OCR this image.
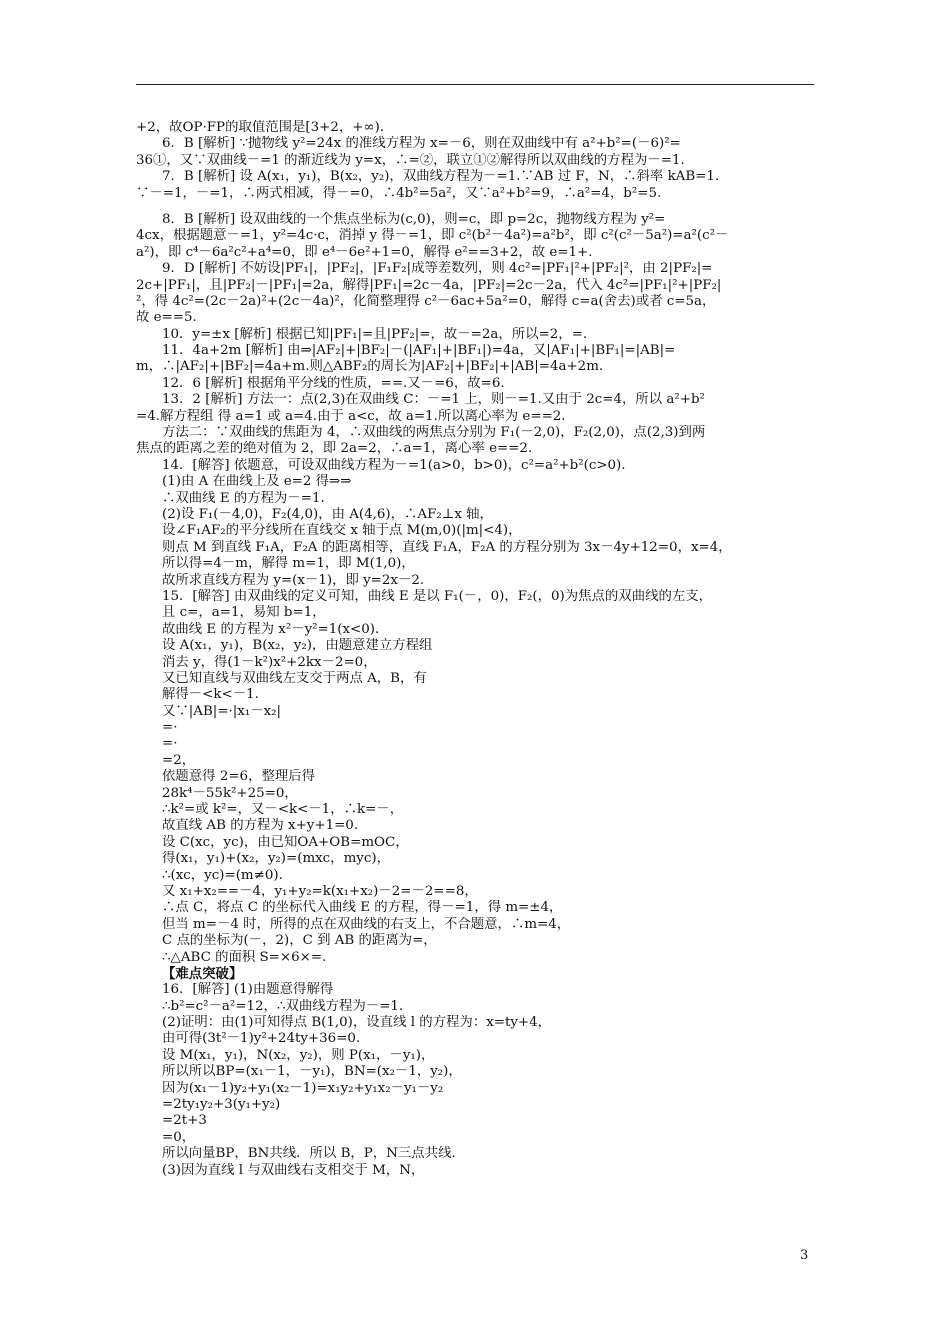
+2，故OP·FP的取值范围是[3+2，+∞)．
6．B [解析] ∵抛物线 y²=24x 的准线方程为 x=－6，则在双曲线中有 a²+b²=(－6)²=
36①，又∵双曲线－=1 的渐近线为 y=x，∴=②，联立①②解得所以双曲线的方程为－=1.
7．B [解析] 设 A(x₁，y₁)，B(x₂，y₂)，双曲线方程为－=1.∵AB 过 F，N，∴斜率 kAB=1.
∵－=1，－=1，∴两式相减，得－=0，∴4b²=5a²，又∵a²+b²=9，∴a²=4，b²=5.
8．B [解析] 设双曲线的一个焦点坐标为(c,0)，则=c，即 p=2c，抛物线方程为 y²=
4cx，根据题意－=1，y²=4c·c，消掉 y 得－=1，即 c²(b²－4a²)=a²b²，即 c²(c²－5a²)=a²(c²－
a²)，即 c⁴－6a²c²+a⁴=0，即 e⁴－6e²+1=0，解得 e²==3+2，故 e=1+.
9．D [解析] 不妨设|PF₁|，|PF₂|，|F₁F₂|成等差数列，则 4c²=|PF₁|²+|PF₂|²，由 2|PF₂|=
2c+|PF₁|，且|PF₂|－|PF₁|=2a，解得|PF₁|=2c－4a，|PF₂|=2c－2a，代入 4c²=|PF₁|²+|PF₂|
²，得 4c²=(2c－2a)²+(2c－4a)²，化简整理得 c²－6ac+5a²=0，解得 c=a(舍去)或者 c=5a，
故 e==5.
10．y=±x [解析] 根据已知|PF₁|=且|PF₂|=，故－=2a，所以=2，=.
11．4a+2m [解析] 由⇒|AF₂|+|BF₂|－(|AF₁|+|BF₁|)=4a，又|AF₁|+|BF₁|=|AB|=
m，∴|AF₂|+|BF₂|=4a+m.则△ABF₂的周长为|AF₂|+|BF₂|+|AB|=4a+2m.
12．6 [解析] 根据角平分线的性质，==.又－=6，故=6.
13．2 [解析] 方法一：点(2,3)在双曲线 C：－=1 上，则－=1.又由于 2c=4，所以 a²+b²
=4.解方程组 得 a=1 或 a=4.由于 a<c，故 a=1.所以离心率为 e==2.
方法二：∵双曲线的焦距为 4，∴双曲线的两焦点分别为 F₁(－2,0)，F₂(2,0)，点(2,3)到两
焦点的距离之差的绝对值为 2，即 2a=2，∴a=1，离心率 e==2.
14．[解答] 依题意，可设双曲线方程为－=1(a>0，b>0)，c²=a²+b²(c>0).
(1)由 A 在曲线上及 e=2 得⇒⇒
∴双曲线 E 的方程为－=1.
(2)设 F₁(－4,0)，F₂(4,0)，由 A(4,6)，∴AF₂⊥x 轴，
设∠F₁AF₂的平分线所在直线交 x 轴于点 M(m,0)(|m|<4)，
则点 M 到直线 F₁A，F₂A 的距离相等，直线 F₁A，F₂A 的方程分别为 3x－4y+12=0，x=4，
所以得=4－m，解得 m=1，即 M(1,0)，
故所求直线方程为 y=(x－1)，即 y=2x－2.
15．[解答] 由双曲线的定义可知，曲线 E 是以 F₁(－，0)，F₂(，0)为焦点的双曲线的左支，
且 c=，a=1，易知 b=1，
故曲线 E 的方程为 x²－y²=1(x<0)．
设 A(x₁，y₁)，B(x₂，y₂)，由题意建立方程组
消去 y，得(1－k²)x²+2kx－2=0，
又已知直线与双曲线左支交于两点 A，B，有
解得－<k<－1.
又∵|AB|=·|x₁－x₂|
=·
=·
=2，
依题意得 2=6，整理后得
28k⁴－55k²+25=0，
∴k²=或 k²=，又－<k<－1，∴k=－，
故直线 AB 的方程为 x+y+1=0.
设 C(xc，yc)，由已知OA+OB=mOC，
得(x₁，y₁)+(x₂，y₂)=(mxc，myc)，
∴(xc，yc)=(m≠0)．
又 x₁+x₂==－4，y₁+y₂=k(x₁+x₂)－2=－2==8，
∴点 C，将点 C 的坐标代入曲线 E 的方程，得－=1，得 m=±4，
但当 m=－4 时，所得的点在双曲线的右支上，不合题意，∴m=4，
C 点的坐标为(－，2)，C 到 AB 的距离为=，
∴△ABC 的面积 S=×6×=.
【难点突破】
16．[解答] (1)由题意得解得
∴b²=c²－a²=12，∴双曲线方程为－=1.
(2)证明：由(1)可知得点 B(1,0)，设直线 l 的方程为：x=ty+4，
由可得(3t²－1)y²+24ty+36=0.
设 M(x₁，y₁)，N(x₂，y₂)，则 P(x₁，－y₁)，
所以所以BP=(x₁－1，－y₁)，BN=(x₂－1，y₂)，
因为(x₁－1)y₂+y₁(x₂－1)=x₁y₂+y₁x₂－y₁－y₂
=2ty₁y₂+3(y₁+y₂)
=2t+3
=0，
所以向量BP，BN共线．所以 B，P，N三点共线．
(3)因为直线 l 与双曲线右支相交于 M，N，
3
